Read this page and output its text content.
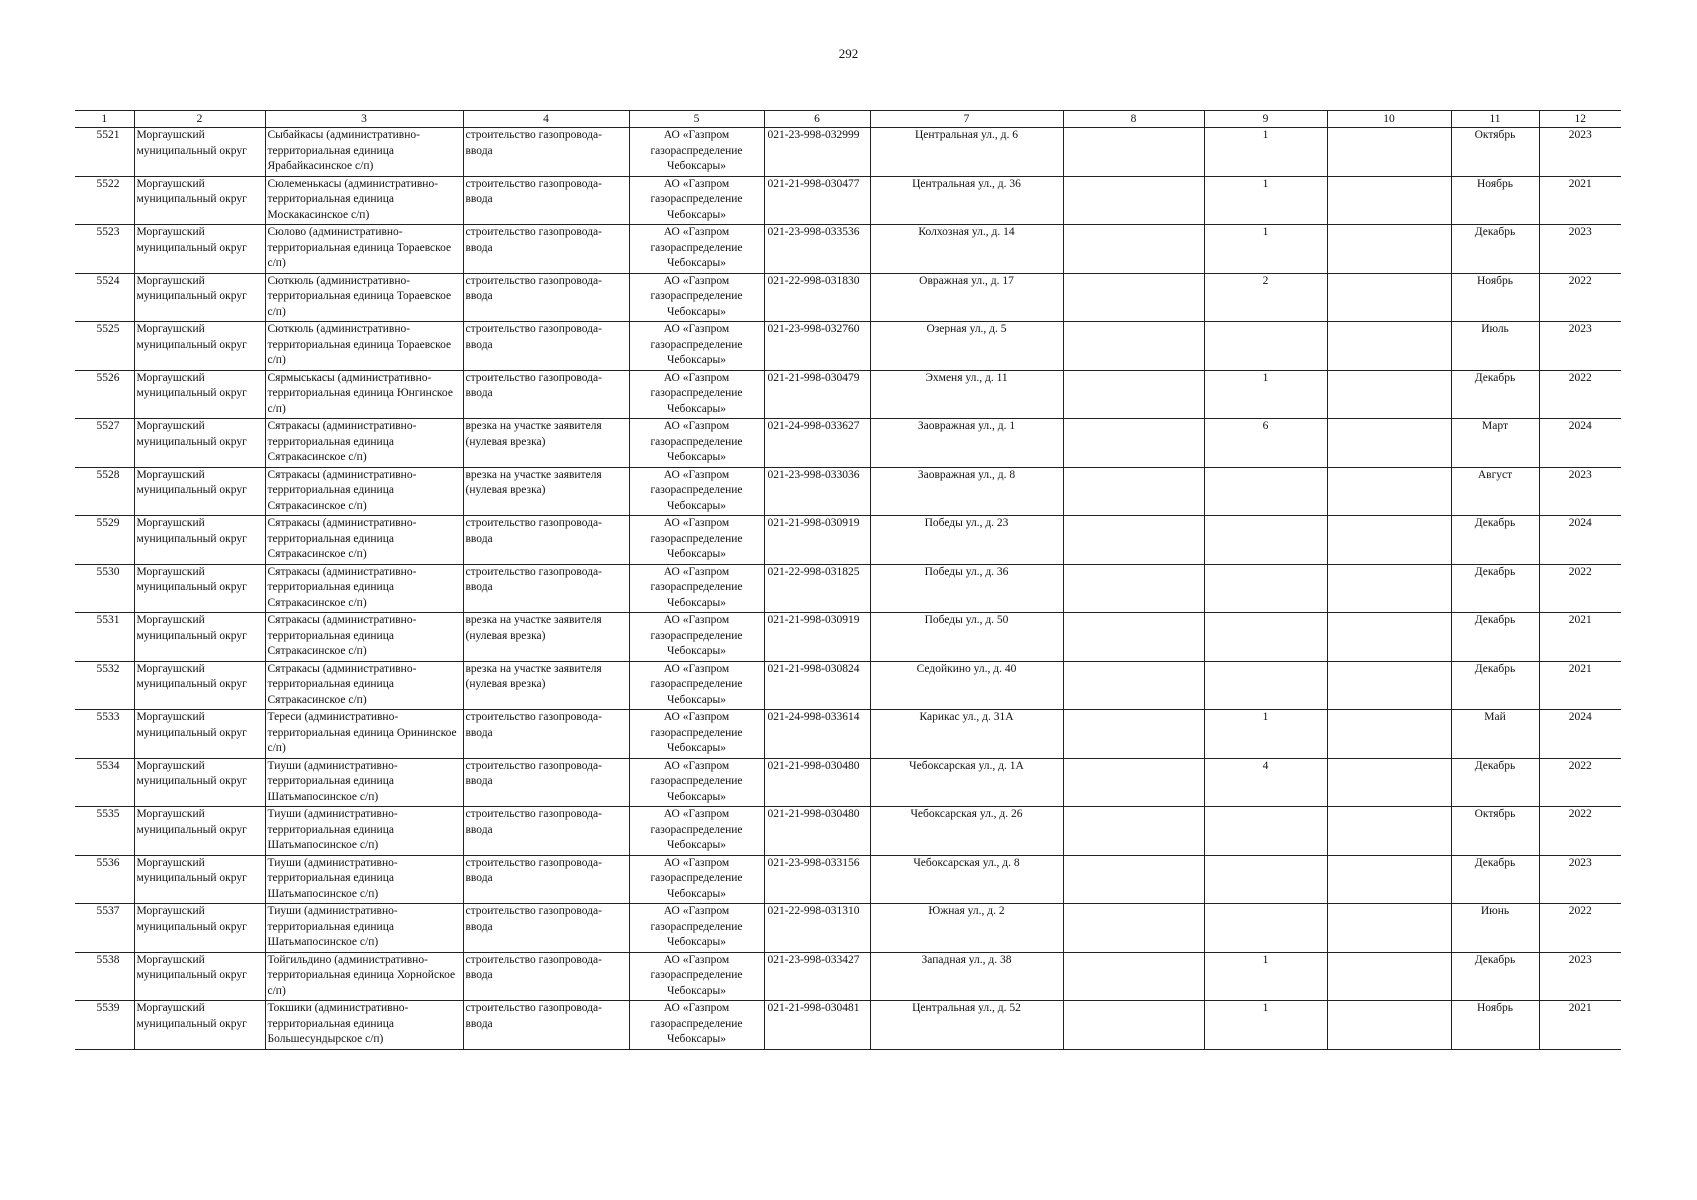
292
1	2	3	4	5	6	7	8	9	10	11	12
5521	Моргаушский муниципальный округ	Сыбайкасы (административно-территориальная единица Ярабайкасинское с/п)	строительство газопровода-ввода	АО «Газпром газораспределение Чебоксары»	021-23-998-032999	Центральная ул., д. 6		1		Октябрь	2023
5522	Моргаушский муниципальный округ	Сюлеменькасы (административно-территориальная единица Москакасинское с/п)	строительство газопровода-ввода	АО «Газпром газораспределение Чебоксары»	021-21-998-030477	Центральная ул., д. 36		1		Ноябрь	2021
5523	Моргаушский муниципальный округ	Сюлово (административно-территориальная единица Тораевское с/п)	строительство газопровода-ввода	АО «Газпром газораспределение Чебоксары»	021-23-998-033536	Колхозная ул., д. 14		1		Декабрь	2023
5524	Моргаушский муниципальный округ	Сюткюль (административно-территориальная единица Тораевское с/п)	строительство газопровода-ввода	АО «Газпром газораспределение Чебоксары»	021-22-998-031830	Овражная ул., д. 17		2		Ноябрь	2022
5525	Моргаушский муниципальный округ	Сюткюль (административно-территориальная единица Тораевское с/п)	строительство газопровода-ввода	АО «Газпром газораспределение Чебоксары»	021-23-998-032760	Озерная ул., д. 5				Июль	2023
5526	Моргаушский муниципальный округ	Сярмыськасы (административно-территориальная единица Юнгинское с/п)	строительство газопровода-ввода	АО «Газпром газораспределение Чебоксары»	021-21-998-030479	Эхменя ул., д. 11		1		Декабрь	2022
5527	Моргаушский муниципальный округ	Сятракасы (административно-территориальная единица Сятракасинское с/п)	врезка на участке заявителя (нулевая врезка)	АО «Газпром газораспределение Чебоксары»	021-24-998-033627	Заовражная ул., д. 1		6		Март	2024
5528	Моргаушский муниципальный округ	Сятракасы (административно-территориальная единица Сятракасинское с/п)	врезка на участке заявителя (нулевая врезка)	АО «Газпром газораспределение Чебоксары»	021-23-998-033036	Заовражная ул., д. 8				Август	2023
5529	Моргаушский муниципальный округ	Сятракасы (административно-территориальная единица Сятракасинское с/п)	строительство газопровода-ввода	АО «Газпром газораспределение Чебоксары»	021-21-998-030919	Победы ул., д. 23				Декабрь	2024
5530	Моргаушский муниципальный округ	Сятракасы (административно-территориальная единица Сятракасинское с/п)	строительство газопровода-ввода	АО «Газпром газораспределение Чебоксары»	021-22-998-031825	Победы ул., д. 36				Декабрь	2022
5531	Моргаушский муниципальный округ	Сятракасы (административно-территориальная единица Сятракасинское с/п)	врезка на участке заявителя (нулевая врезка)	АО «Газпром газораспределение Чебоксары»	021-21-998-030919	Победы ул., д. 50				Декабрь	2021
5532	Моргаушский муниципальный округ	Сятракасы (административно-территориальная единица Сятракасинское с/п)	врезка на участке заявителя (нулевая врезка)	АО «Газпром газораспределение Чебоксары»	021-21-998-030824	Седойкино ул., д. 40				Декабрь	2021
5533	Моргаушский муниципальный округ	Тереси (административно-территориальная единица Орининское с/п)	строительство газопровода-ввода	АО «Газпром газораспределение Чебоксары»	021-24-998-033614	Карикас ул., д. 31А		1		Май	2024
5534	Моргаушский муниципальный округ	Тиуши (административно-территориальная единица Шатьмапосинское с/п)	строительство газопровода-ввода	АО «Газпром газораспределение Чебоксары»	021-21-998-030480	Чебоксарская ул., д. 1А		4		Декабрь	2022
5535	Моргаушский муниципальный округ	Тиуши (административно-территориальная единица Шатьмапосинское с/п)	строительство газопровода-ввода	АО «Газпром газораспределение Чебоксары»	021-21-998-030480	Чебоксарская ул., д. 26				Октябрь	2022
5536	Моргаушский муниципальный округ	Тиуши (административно-территориальная единица Шатьмапосинское с/п)	строительство газопровода-ввода	АО «Газпром газораспределение Чебоксары»	021-23-998-033156	Чебоксарская ул., д. 8				Декабрь	2023
5537	Моргаушский муниципальный округ	Тиуши (административно-территориальная единица Шатьмапосинское с/п)	строительство газопровода-ввода	АО «Газпром газораспределение Чебоксары»	021-22-998-031310	Южная ул., д. 2				Июнь	2022
5538	Моргаушский муниципальный округ	Тойгильдино (административно-территориальная единица Хорнойское с/п)	строительство газопровода-ввода	АО «Газпром газораспределение Чебоксары»	021-23-998-033427	Западная ул., д. 38		1		Декабрь	2023
5539	Моргаушский муниципальный округ	Токшики (административно-территориальная единица Большесундырское с/п)	строительство газопровода-ввода	АО «Газпром газораспределение Чебоксары»	021-21-998-030481	Центральная ул., д. 52		1		Ноябрь	2021
